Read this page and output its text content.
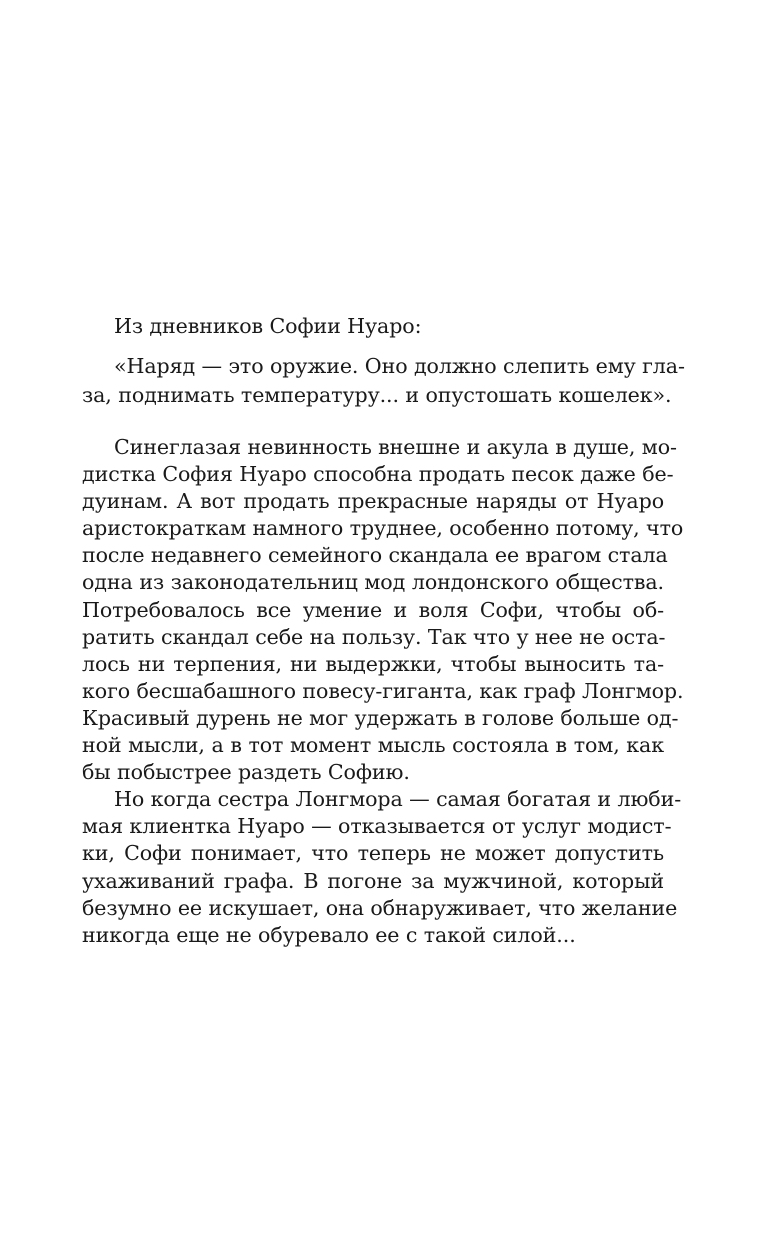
Из дневников Софии Нуаро:
«Наряд — это оружие. Оно должно слепить ему гла-
за, поднимать температуру... и опустошать кошелек».
Синеглазая невинность внешне и акула в душе, мо-
дистка София Нуаро способна продать песок даже бе-
дуинам. А вот продать прекрасные наряды от Нуаро
аристократкам намного труднее, особенно потому, что
после недавнего семейного скандала ее врагом стала
одна из законодательниц мод лондонского общества.
Потребовалось все умение и воля Софи, чтобы об-
ратить скандал себе на пользу. Так что у нее не оста-
лось ни терпения, ни выдержки, чтобы выносить та-
кого бесшабашного повесу-гиганта, как граф Лонгмор.
Красивый дурень не мог удержать в голове больше од-
ной мысли, а в тот момент мысль состояла в том, как
бы побыстрее раздеть Софию.
Но когда сестра Лонгмора — самая богатая и люби-
мая клиентка Нуаро — отказывается от услуг модист-
ки, Софи понимает, что теперь не может допустить
ухаживаний графа. В погоне за мужчиной, который
безумно ее искушает, она обнаруживает, что желание
никогда еще не обуревало ее с такой силой...
